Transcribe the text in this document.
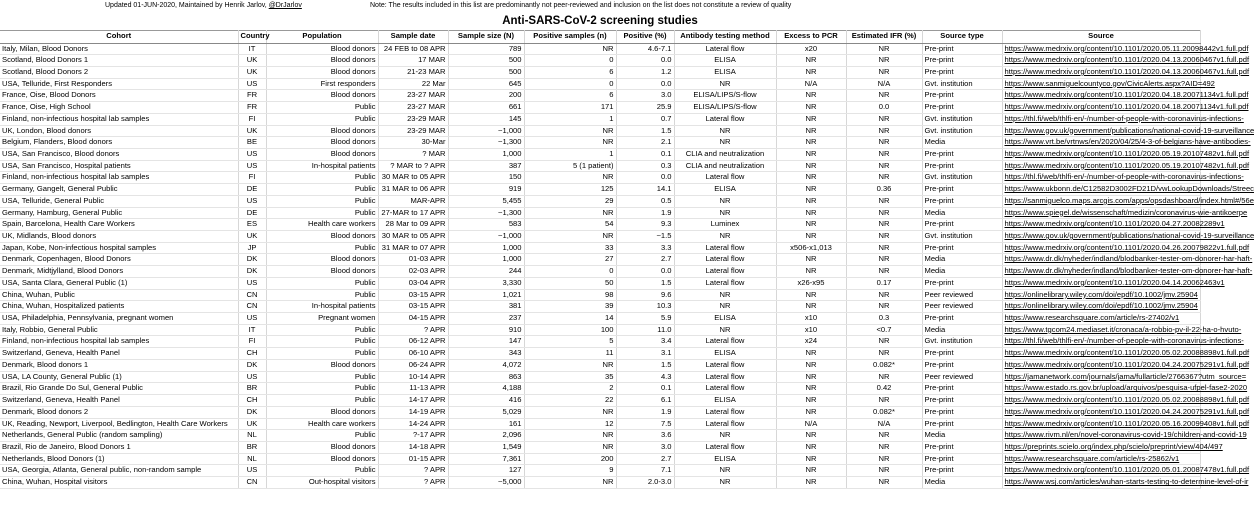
Updated 01-JUN-2020, Maintained by Henrik Jarlov, @DrJarlov	Note: The results included in this list are predominantly not peer-reviewed and inclusion on the list does not constitute a review of quality
Anti-SARS-CoV-2 screening studies
Cohort	Country	Population	Sample date	Sample size (N)	Positive samples (n)	Positive (%)	Antibody testing method	Excess to PCR	Estimated IFR (%)	Source type	Source
Italy, Milan, Blood Donors	IT	Blood donors	24 FEB to 08 APR	789	NR	4.6-7.1	Lateral flow	x20	NR	Pre-print	https://www.medrxiv.org/content/10.1101/2020.05.11.20098442v1.full.pdf
Scotland, Blood Donors 1	UK	Blood donors	17 MAR	500	0	0.0	ELISA	NR	NR	Pre-print	https://www.medrxiv.org/content/10.1101/2020.04.13.20060467v1.full.pdf
Scotland, Blood Donors 2	UK	Blood donors	21-23 MAR	500	6	1.2	ELISA	NR	NR	Pre-print	https://www.medrxiv.org/content/10.1101/2020.04.13.20060467v1.full.pdf
USA, Telluride, First Responders	US	First responders	22 Mar	645	0	0.0	NR	N/A	N/A	Gvt. institution	https://www.sanmiguelcountyco.gov/CivicAlerts.aspx?AID=492
France, Oise, Blood Donors	FR	Blood donors	23-27 MAR	200	6	3.0	ELISA/LIPS/S-flow	NR	NR	Pre-print	https://www.medrxiv.org/content/10.1101/2020.04.18.20071134v1.full.pdf
France, Oise, High School	FR	Public	23-27 MAR	661	171	25.9	ELISA/LIPS/S-flow	NR	0.0	Pre-print	https://www.medrxiv.org/content/10.1101/2020.04.18.20071134v1.full.pdf
Finland, non-infectious hospital lab samples	FI	Public	23-29 MAR	145	1	0.7	Lateral flow	NR	NR	Gvt. institution	https://thl.fi/web/thlfi-en/-/number-of-people-with-coronavirus-infections-
UK, London, Blood donors	UK	Blood donors	23-29 MAR	~1,000	NR	1.5	NR	NR	NR	Gvt. institution	https://www.gov.uk/government/publications/national-covid-19-surveillance
Belgium, Flanders, Blood donors	BE	Blood donors	30-Mar	~1,300	NR	2.1	NR	NR	NR	Media	https://www.vrt.be/vrtnws/en/2020/04/25/4-3-of-belgians-have-antibodies-
USA, San Francisco, Blood donors	US	Blood donors	? MAR	1,000	1	0.1	CLIA and neutralization	NR	NR	Pre-print	https://www.medrxiv.org/content/10.1101/2020.05.19.20107482v1.full.pdf
USA, San Francisco, Hospital patients	US	In-hospital patients	? MAR to ? APR	387	5 (1 patient)	0.3	CLIA and neutralization	NR	NR	Pre-print	https://www.medrxiv.org/content/10.1101/2020.05.19.20107482v1.full.pdf
Finland, non-infectious hospital lab samples	FI	Public	30 MAR to 05 APR	150	NR	0.0	Lateral flow	NR	NR	Gvt. institution	https://thl.fi/web/thlfi-en/-/number-of-people-with-coronavirus-infections-
Germany, Gangelt, General Public	DE	Public	31 MAR to 06 APR	919	125	14.1	ELISA	NR	0.36	Pre-print	https://www.ukbonn.de/C12582D3002FD21D/vwLookupDownloads/Streec
USA, Telluride, General Public	US	Public	MAR-APR	5,455	29	0.5	NR	NR	NR	Pre-print	https://sanmiguelco.maps.arcgis.com/apps/opsdashboard/index.html#/56e
Germany, Hamburg, General Public	DE	Public	27-MAR to 17 APR	~1,300	NR	1.9	NR	NR	NR	Media	https://www.spiegel.de/wissenschaft/medizin/coronavirus-wie-antikoerpe
Spain, Barcelona, Health Care Workers	ES	Health care workers	28 Mar to 09 APR	583	54	9.3	Luminex	NR	NR	Pre-print	https://www.medrxiv.org/content/10.1101/2020.04.27.20082289v1
UK, Midlands, Blood donors	UK	Blood donors	30 MAR to 05 APR	~1,000	NR	~1.5	NR	NR	NR	Gvt. institution	https://www.gov.uk/government/publications/national-covid-19-surveillance
Japan, Kobe, Non-infectious hospital samples	JP	Public	31 MAR to 07 APR	1,000	33	3.3	Lateral flow	x506-x1,013	NR	Pre-print	https://www.medrxiv.org/content/10.1101/2020.04.26.20079822v1.full.pdf
Denmark, Copenhagen, Blood Donors	DK	Blood donors	01-03 APR	1,000	27	2.7	Lateral flow	NR	NR	Media	https://www.dr.dk/nyheder/indland/blodbanker-tester-om-donorer-har-haft-
Denmark, Midtjylland, Blood Donors	DK	Blood donors	02-03 APR	244	0	0.0	Lateral flow	NR	NR	Media	https://www.dr.dk/nyheder/indland/blodbanker-tester-om-donorer-har-haft-
USA, Santa Clara, General Public (1)	US	Public	03-04 APR	3,330	50	1.5	Lateral flow	x26-x95	0.17	Pre-print	https://www.medrxiv.org/content/10.1101/2020.04.14.20062463v1
China, Wuhan, Public	CN	Public	03-15 APR	1,021	98	9.6	NR	NR	NR	Peer reviewed	https://onlinelibrary.wiley.com/doi/epdf/10.1002/jmv.25904
China, Wuhan, Hospitalized patients	CN	In-hospital patients	03-15 APR	381	39	10.3	NR	NR	NR	Peer reviewed	https://onlinelibrary.wiley.com/doi/epdf/10.1002/jmv.25904
USA, Philadelphia, Pennsylvania, pregnant women	US	Pregnant women	04-15 APR	237	14	5.9	ELISA	x10	0.3	Pre-print	https://www.researchsquare.com/article/rs-27402/v1
Italy, Robbio, General Public	IT	Public	? APR	910	100	11.0	NR	x10	<0.7	Media	https://www.tgcom24.mediaset.it/cronaca/a-robbio-pv-il-22-ha-o-hvuto-
Finland, non-infectious hospital lab samples	FI	Public	06-12 APR	147	5	3.4	Lateral flow	x24	NR	Gvt. institution	https://thl.fi/web/thlfi-en/-/number-of-people-with-coronavirus-infections-
Switzerland, Geneva, Health Panel	CH	Public	06-10 APR	343	11	3.1	ELISA	NR	NR	Pre-print	https://www.medrxiv.org/content/10.1101/2020.05.02.20088898v1.full.pdf
Denmark, Blood donors 1	DK	Blood donors	06-24 APR	4,072	NR	1.5	Lateral flow	NR	0.082*	Pre-print	https://www.medrxiv.org/content/10.1101/2020.04.24.20075291v1.full.pdf
USA, LA County, General Public (1)	US	Public	10-14 APR	863	35	4.3	Lateral flow	NR	NR	Peer reviewed	https://jamanetwork.com/journals/jama/fullarticle/2766367?utm_source=
Brazil, Rio Grande Do Sul, General Public	BR	Public	11-13 APR	4,188	2	0.1	Lateral flow	NR	0.42	Pre-print	https://www.estado.rs.gov.br/upload/arquivos/pesquisa-ufpel-fase2-2020
Switzerland, Geneva, Health Panel	CH	Public	14-17 APR	416	22	6.1	ELISA	NR	NR	Pre-print	https://www.medrxiv.org/content/10.1101/2020.05.02.20088898v1.full.pdf
Denmark, Blood donors 2	DK	Blood donors	14-19 APR	5,029	NR	1.9	Lateral flow	NR	0.082*	Pre-print	https://www.medrxiv.org/content/10.1101/2020.04.24.20075291v1.full.pdf
UK, Reading, Newport, Liverpool, Bedlington, Health Care Workers	UK	Health care workers	14-24 APR	161	12	7.5	Lateral flow	N/A	N/A	Pre-print	https://www.medrxiv.org/content/10.1101/2020.05.16.20099408v1.full.pdf
Netherlands, General Public (random sampling)	NL	Public	?-17 APR	2,096	NR	3.6	NR	NR	NR	Media	https://www.rivm.nl/en/novel-coronavirus-covid-19/children-and-covid-19
Brazil, Rio de Janeiro, Blood Donors 1	BR	Blood donors	14-18 APR	1,549	NR	3.0	Lateral flow	NR	NR	Pre-print	https://preprints.scielo.org/index.php/scielo/preprint/view/404/497
Netherlands, Blood Donors (1)	NL	Blood donors	01-15 APR	7,361	200	2.7	ELISA	NR	NR	Pre-print	https://www.researchsquare.com/article/rs-25862/v1
USA, Georgia, Atlanta, General public, non-random sample	US	Public	? APR	127	9	7.1	NR	NR	NR	Pre-print	https://www.medrxiv.org/content/10.1101/2020.05.01.20087478v1.full.pdf
China, Wuhan, Hospital visitors	CN	Out-hospital visitors	? APR	~5,000	NR	2.0-3.0	NR	NR	NR	Media	https://www.wsj.com/articles/wuhan-starts-testing-to-determine-level-of-ir
